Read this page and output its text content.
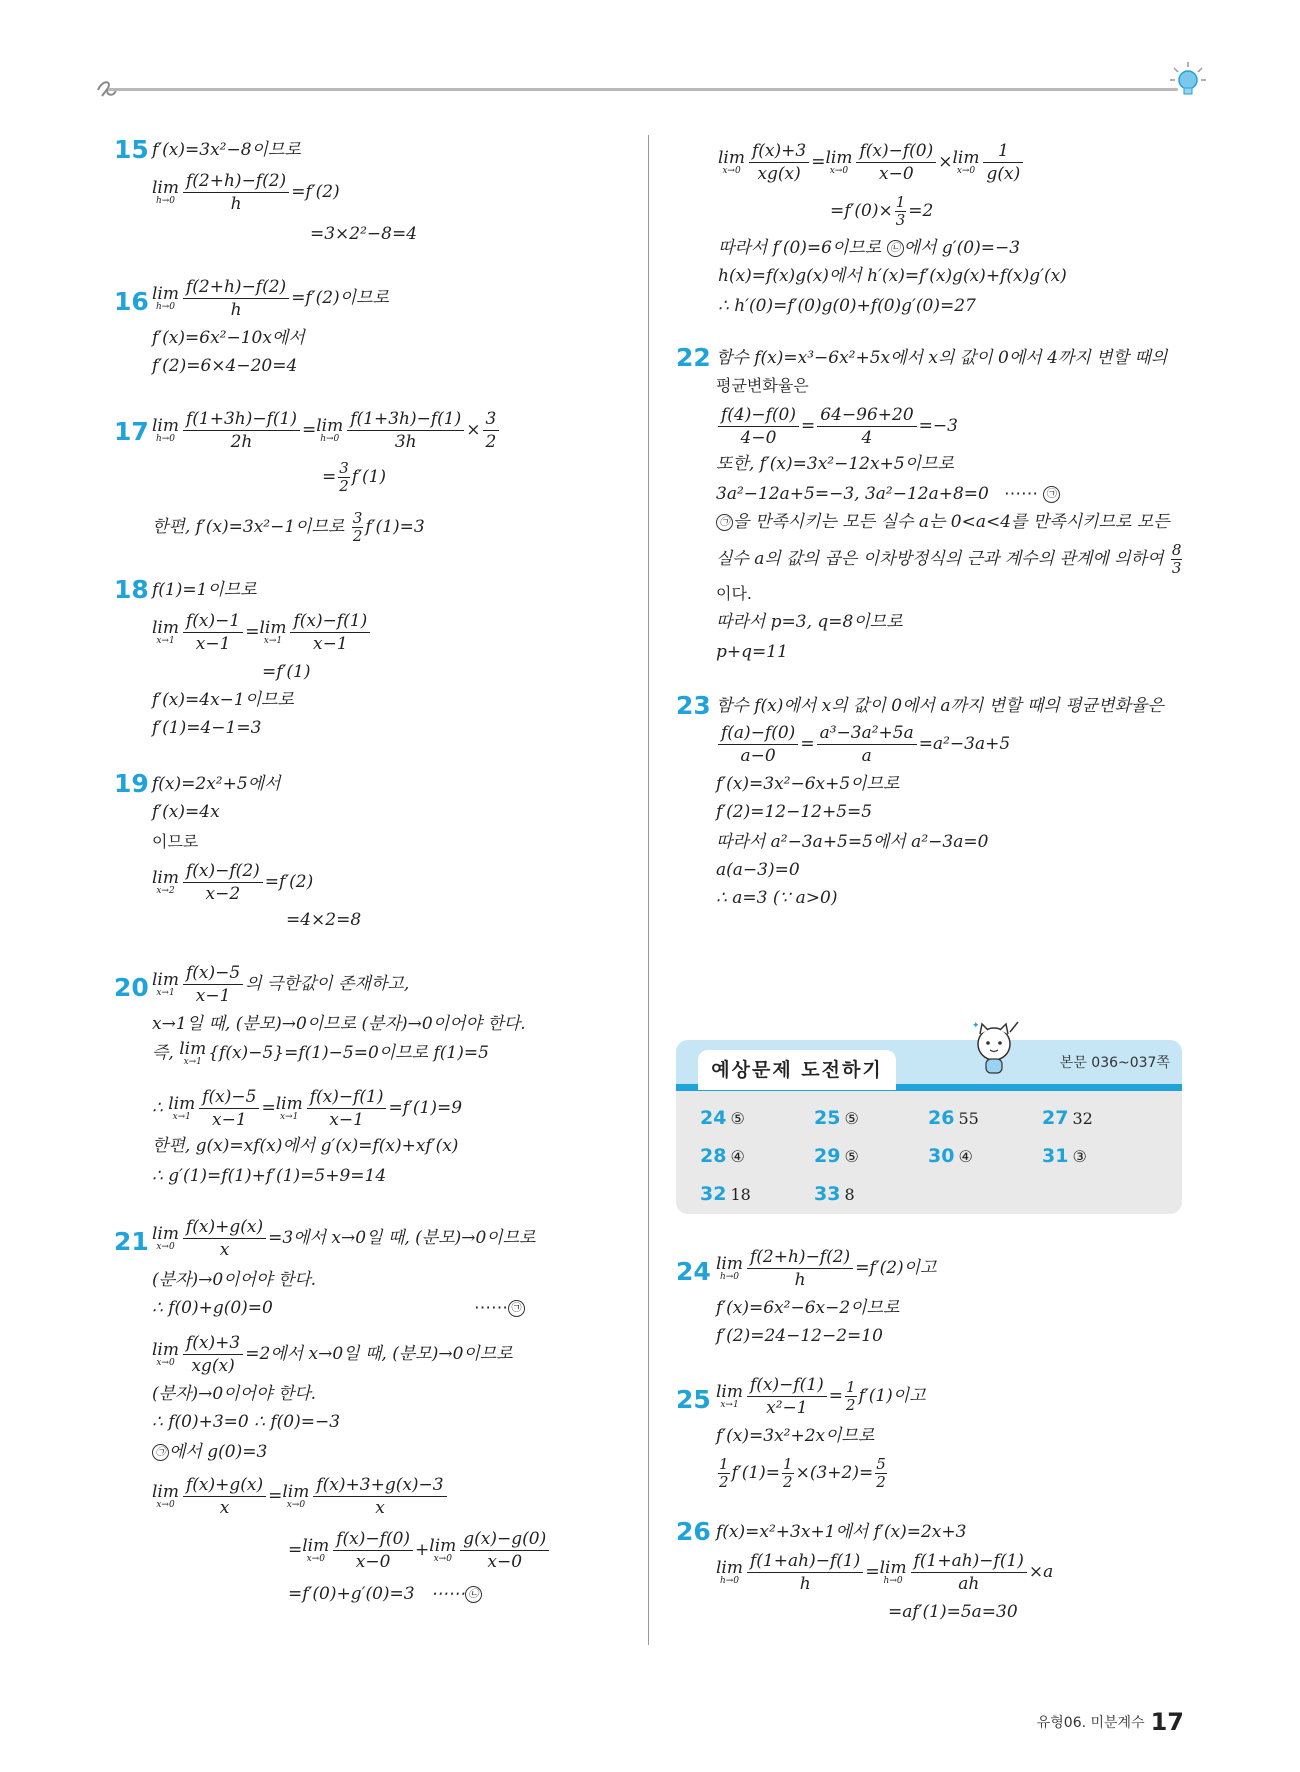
15 f′(x)=3x²−8이므로
lim
$h\to 0 \frac{f(2+h)-f(2)}{h} =f'(2)$
=3×2²−8=4
16 lim
$h\to 0 \frac{f(2+h)-f(2)}{h} =f'(2)$이므로
f′(x)=6x²−10x에서
f′(2)=6×4−20=4
17 lim
$h\to 0 \frac{f(1+3h)-f(1)}{2h} = \lim$
$h\to 0 \frac{f(1+3h)-f(1)}{3h} \times \frac{3}{2}$
= $\frac{3}{2} f'(1)$
한편, f′(x)=3x²−1이므로 $\frac{3}{2} f'(1)=3$
18 f(1)=1이므로
lim
$x\to 1 \frac{f(x)-1}{x-1} = \lim$
$x\to 1 \frac{f(x)-f(1)}{x-1}$
=f′(1)
f′(x)=4x−1이므로
f′(1)=4−1=3
19 f(x)=2x²+5에서
f′(x)=4x
이므로
lim
$x\to 2 \frac{f(x)-f(2)}{x-2} =f'(2)$
=4×2=8
20 lim
$x\to 1 \frac{f(x)-5}{x-1}$ 의 극한값이 존재하고,
x→1일 때, (분모)→0이므로 (분자)→0이어야 한다.
즉, lim
x→1 {f(x)−5}=f(1)−5=0이므로 f(1)=5
∴ lim
$x\to 1 \frac{f(x)-5}{x-1} = \lim$
$x\to 1 \frac{f(x)-f(1)}{x-1} =f'(1)=9$
한편, g(x)=xf(x)에서 g′(x)=f(x)+xf′(x)
∴ g′(1)=f(1)+f′(1)=5+9=14
21 lim
$x\to 0 \frac{f(x)+g(x)}{x} =3$에서 x→0일 때, (분모)→0이므로
(분자)→0이어야 한다.
∴ f(0)+g(0)=0	⋯⋯ ㉠
lim
$x\to 0 \frac{f(x)+3}{xg(x)} =2$에서 x→0일 때, (분모)→0이므로
(분자)→0이어야 한다.
∴ f(0)+3=0 ∴ f(0)=−3
㉠ 에서 g(0)=3
lim
$x\to 0 \frac{f(x)+g(x)}{x} = \lim$
$x\to 0 \frac{f(x)+3+g(x)-3}{x}$
= lim
$x\to 0 \frac{f(x)-f(0)}{x-0} + \lim$
$x\to 0 \frac{g(x)-g(0)}{x-0}$
=f′(0)+g′(0)=3 ⋯⋯ ㉡
lim
$x\to 0 \frac{f(x)+3}{xg(x)} = \lim$
$x\to 0 \frac{f(x)-f(0)}{x-0} \times \lim$
$x\to 0 \frac{1}{g(x)}$
$=f'(0)\times \frac{1}{3} =2$
따라서 f′(0)=6이므로 ㉡ 에서 g′(0)=−3
h(x)=f(x)g(x)에서 h′(x)=f′(x)g(x)+f(x)g′(x)
∴ h′(0)=f′(0)g(0)+f(0)g′(0)=27
22 함수 f(x)=x³−6x²+5x에서 x의 값이 0에서 4까지 변할 때의
평균변화율은
$\frac{f(4)-f(0)}{4-0} = \frac{64-96+20}{4} =-3$
또한, f′(x)=3x²−12x+5이므로
3a²−12a+5=−3, 3a²−12a+8=0 ⋯⋯ ㉠
㉠ 을 만족시키는 모든 실수 a는 0<a<4를 만족시키므로 모든
실수 a의 값의 곱은 이차방정식의 근과 계수의 관계에 의하여 $\frac{8}{3}$
이다.
따라서 p=3, q=8이므로
p+q=11
23 함수 f(x)에서 x의 값이 0에서 a까지 변할 때의 평균변화율은
$\frac{f(a)-f(0)}{a-0} = \frac{\text{a³−3a²+5a}}{a} =a^2-3a+5$
f′(x)=3x²−6x+5이므로
f′(2)=12−12+5=5
따라서 a²−3a+5=5에서 a²−3a=0
a(a−3)=0
∴ a=3 (∵ a>0)
예상문제 도전하기	본문 036~037쪽
24 ⑤	25 ⑤	26 55	27 32
28 ④	29 ⑤	30 ④	31 ③
32 18	33 8
✦
24 lim
$h\to 0 \frac{f(2+h)-f(2)}{h} =f'(2)$이고
f′(x)=6x²−6x−2이므로
f′(2)=24−12−2=10
25 lim
$x\to 1 \frac{f(x)-f(1)}{\text{x²−1}} = \frac{1}{2} f'(1)$이고
f′(x)=3x²+2x이므로
$\frac{1}{2} f'(1)= \frac{1}{2} \times(3+2)= \frac{5}{2}$
26 f(x)=x²+3x+1에서 f′(x)=2x+3
lim
$h\to 0 \frac{f(1+ah)-f(1)}{h} = \lim$
$h\to 0 \frac{f(1+ah)-f(1)}{ah} \times a$
=af′(1)=5a=30
유형06. 미분계수 17
